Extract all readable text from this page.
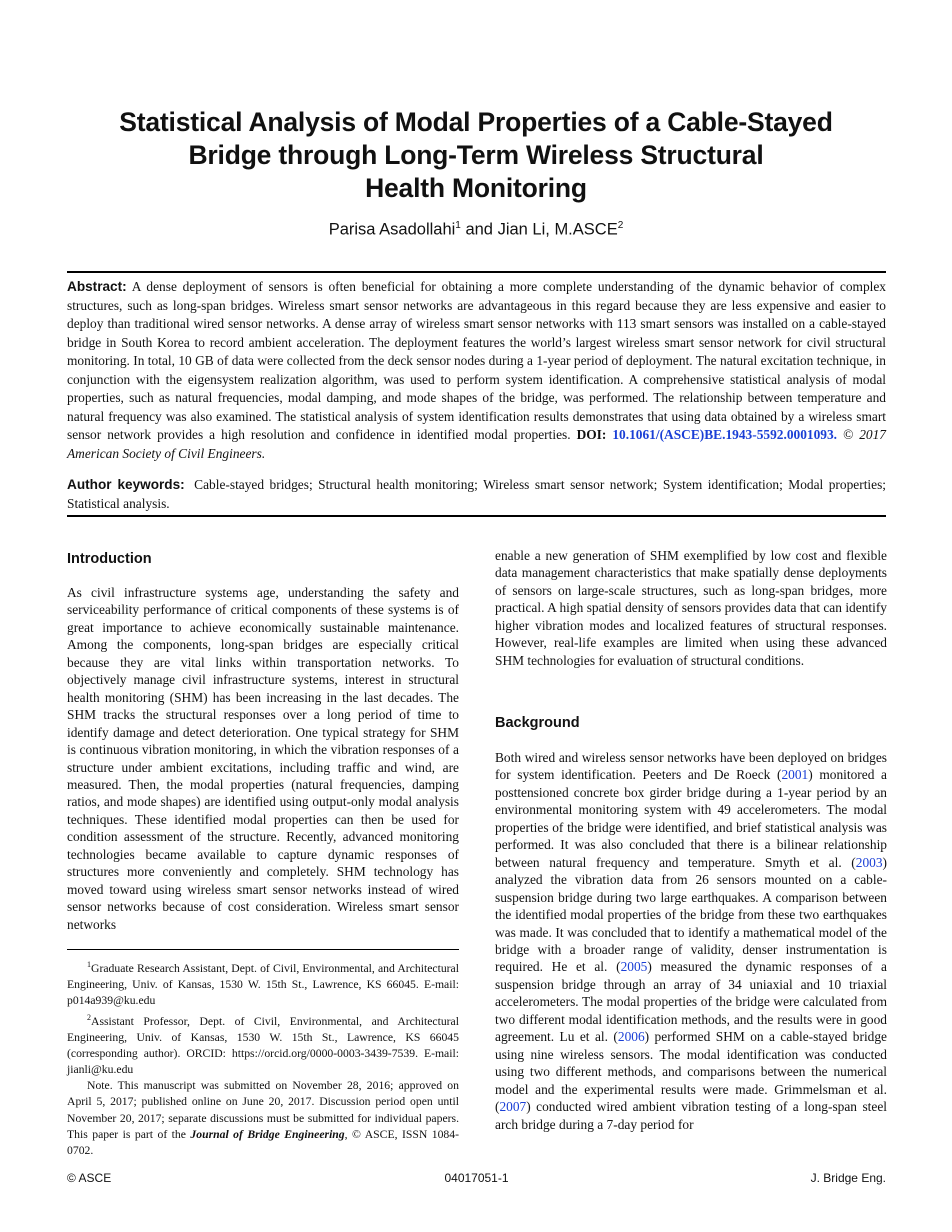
Statistical Analysis of Modal Properties of a Cable-Stayed
Bridge through Long-Term Wireless Structural
Health Monitoring
Parisa Asadollahi$^1$ and Jian Li, M.ASCE$^2$
Abstract: A dense deployment of sensors is often beneficial for obtaining a more complete understanding of the dynamic behavior of complex structures, such as long-span bridges. Wireless smart sensor networks are advantageous in this regard because they are less expensive and easier to deploy than traditional wired sensor networks. A dense array of wireless smart sensor networks with 113 smart sensors was installed on a cable-stayed bridge in South Korea to record ambient acceleration. The deployment features the world’s largest wireless smart sensor network for civil structural monitoring. In total, 10 GB of data were collected from the deck sensor nodes during a 1-year period of deployment. The natural excitation technique, in conjunction with the eigensystem realization algorithm, was used to perform system identification. A comprehensive statistical analysis of modal properties, such as natural frequencies, modal damping, and mode shapes of the bridge, was performed. The relationship between temperature and natural frequency was also examined. The statistical analysis of system identification results demonstrates that using data obtained by a wireless smart sensor network provides a high resolution and confidence in identified modal properties. DOI: 10.1061/(ASCE)BE.1943-5592.0001093. © 2017 American Society of Civil Engineers.
Author keywords: Cable-stayed bridges; Structural health monitoring; Wireless smart sensor network; System identification; Modal properties; Statistical analysis.
Introduction

As civil infrastructure systems age, understanding the safety and serviceability performance of critical components of these systems is of great importance to achieve economically sustainable maintenance. Among the components, long-span bridges are especially critical because they are vital links within transportation networks. To objectively manage civil infrastructure systems, interest in structural health monitoring (SHM) has been increasing in the last decades. The SHM tracks the structural responses over a long period of time to identify damage and detect deterioration. One typical strategy for SHM is continuous vibration monitoring, in which the vibration responses of a structure under ambient excitations, including traffic and wind, are measured. Then, the modal properties (natural frequencies, damping ratios, and mode shapes) are identified using output-only modal analysis techniques. These identified modal properties can then be used for condition assessment of the structure. Recently, advanced monitoring technologies became available to capture dynamic responses of structures more conveniently and completely. SHM technology has moved toward using wireless smart sensor networks instead of wired sensor networks because of cost consideration. Wireless smart sensor networks

enable a new generation of SHM exemplified by low cost and flexible data management characteristics that make spatially dense deployments of sensors on large-scale structures, such as long-span bridges, more practical. A high spatial density of sensors provides data that can identify higher vibration modes and localized features of structural responses. However, real-life examples are limited when using these advanced SHM technologies for evaluation of structural conditions.

Background

Both wired and wireless sensor networks have been deployed on bridges for system identification. Peeters and De Roeck (2001) monitored a posttensioned concrete box girder bridge during a 1-year period by an environmental monitoring system with 49 accelerometers. The modal properties of the bridge were identified, and brief statistical analysis was performed. It was also concluded that there is a bilinear relationship between natural frequency and temperature. Smyth et al. (2003) analyzed the vibration data from 26 sensors mounted on a cable-suspension bridge during two large earthquakes. A comparison between the identified modal properties of the bridge from these two earthquakes was made. It was concluded that to identify a mathematical model of the bridge with a broader range of validity, denser instrumentation is required. He et al. (2005) measured the dynamic responses of a suspension bridge through an array of 34 uniaxial and 10 triaxial accelerometers. The modal properties of the bridge were calculated from two different modal identification methods, and the results were in good agreement. Lu et al. (2006) performed SHM on a cable-stayed bridge using nine wireless sensors. The modal identification was conducted using two different methods, and comparisons between the numerical model and the experimental results were made. Grimmelsman et al. (2007) conducted wired ambient vibration testing of a long-span steel arch bridge during a 7-day period for

$^1$Graduate Research Assistant, Dept. of Civil, Environmental, and Architectural Engineering, Univ. of Kansas, 1530 W. 15th St., Lawrence, KS 66045. E-mail: p014a939@ku.edu

$^2$Assistant Professor, Dept. of Civil, Environmental, and Architectural Engineering, Univ. of Kansas, 1530 W. 15th St., Lawrence, KS 66045 (corresponding author). ORCID: https://orcid.org/0000-0003-3439-7539. E-mail: jianli@ku.edu

Note. This manuscript was submitted on November 28, 2016; approved on April 5, 2017; published online on June 20, 2017. Discussion period open until November 20, 2017; separate discussions must be submitted for individual papers. This paper is part of the Journal of Bridge Engineering, © ASCE, ISSN 1084-0702.

04017051-1
© ASCE	J. Bridge Eng.
